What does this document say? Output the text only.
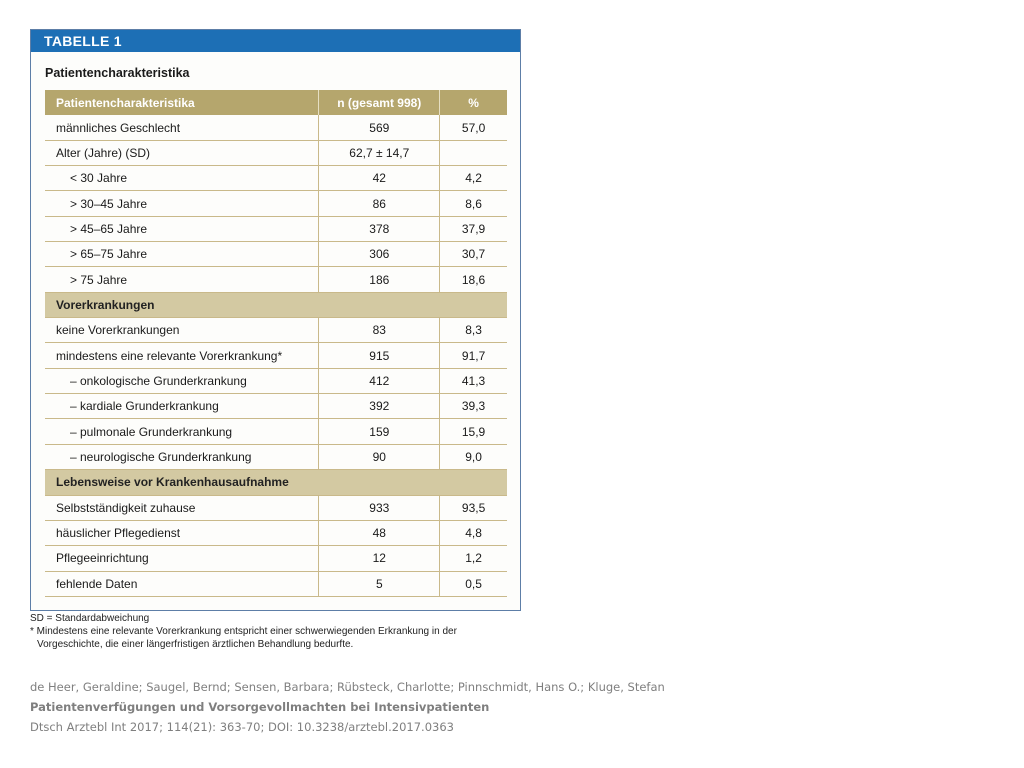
TABELLE 1
Patientencharakteristika
Patientencharakteristika	n (gesamt 998)	%
männliches Geschlecht	569	57,0
Alter (Jahre) (SD)	62,7 ± 14,7
< 30 Jahre	42	4,2
> 30–45 Jahre	86	8,6
> 45–65 Jahre	378	37,9
> 65–75 Jahre	306	30,7
> 75 Jahre	186	18,6
Vorerkrankungen
keine Vorerkrankungen	83	8,3
mindestens eine relevante Vorerkrankung*	915	91,7
– onkologische Grunderkrankung	412	41,3
– kardiale Grunderkrankung	392	39,3
– pulmonale Grunderkrankung	159	15,9
– neurologische Grunderkrankung	90	9,0
Lebensweise vor Krankenhausaufnahme
Selbstständigkeit zuhause	933	93,5
häuslicher Pflegedienst	48	4,8
Pflegeeinrichtung	12	1,2
fehlende Daten	5	0,5
SD = Standardabweichung
* Mindestens eine relevante Vorerkrankung entspricht einer schwerwiegenden Erkrankung in der
Vorgeschichte, die einer längerfristigen ärztlichen Behandlung bedurfte.
de Heer, Geraldine; Saugel, Bernd; Sensen, Barbara; Rübsteck, Charlotte; Pinnschmidt, Hans O.; Kluge, Stefan
Patientenverfügungen und Vorsorgevollmachten bei Intensivpatienten
Dtsch Arztebl Int 2017; 114(21): 363-70; DOI: 10.3238/arztebl.2017.0363
